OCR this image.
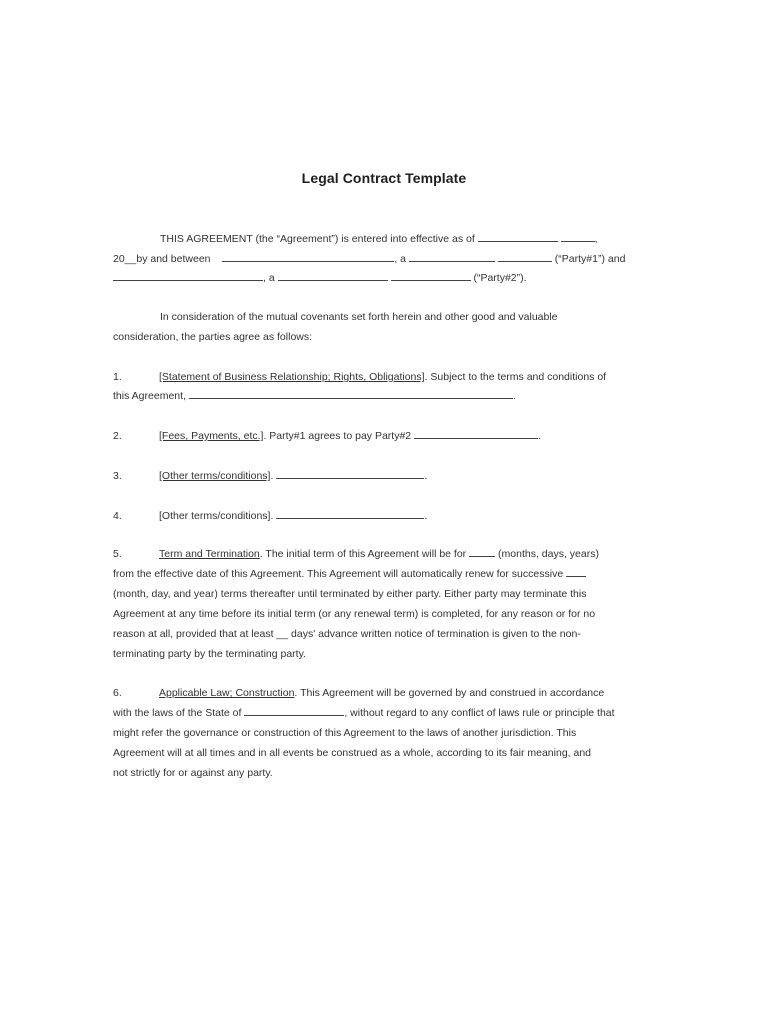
Legal Contract Template
THIS AGREEMENT (the “Agreement”) is entered into effective as of	,
20__by and between	, a	(“Party#1”) and
, a	(“Party#2”).
In consideration of the mutual covenants set forth herein and other good and valuable
consideration, the parties agree as follows:
1.	[Statement of Business Relationship; Rights, Obligations]. Subject to the terms and conditions of
this Agreement,	.
2.	[Fees, Payments, etc.]. Party#1 agrees to pay Party#2	.
3.	[Other terms/conditions].	.
4.	[Other terms/conditions].	.
5.	Term and Termination. The initial term of this Agreement will be for	(months, days, years)
from the effective date of this Agreement. This Agreement will automatically renew for successive
(month, day, and year) terms thereafter until terminated by either party. Either party may terminate this
Agreement at any time before its initial term (or any renewal term) is completed, for any reason or for no
reason at all, provided that at least __ days' advance written notice of termination is given to the non-
terminating party by the terminating party.
6.	Applicable Law; Construction. This Agreement will be governed by and construed in accordance
with the laws of the State of	, without regard to any conflict of laws rule or principle that
might refer the governance or construction of this Agreement to the laws of another jurisdiction. This
Agreement will at all times and in all events be construed as a whole, according to its fair meaning, and
not strictly for or against any party.
